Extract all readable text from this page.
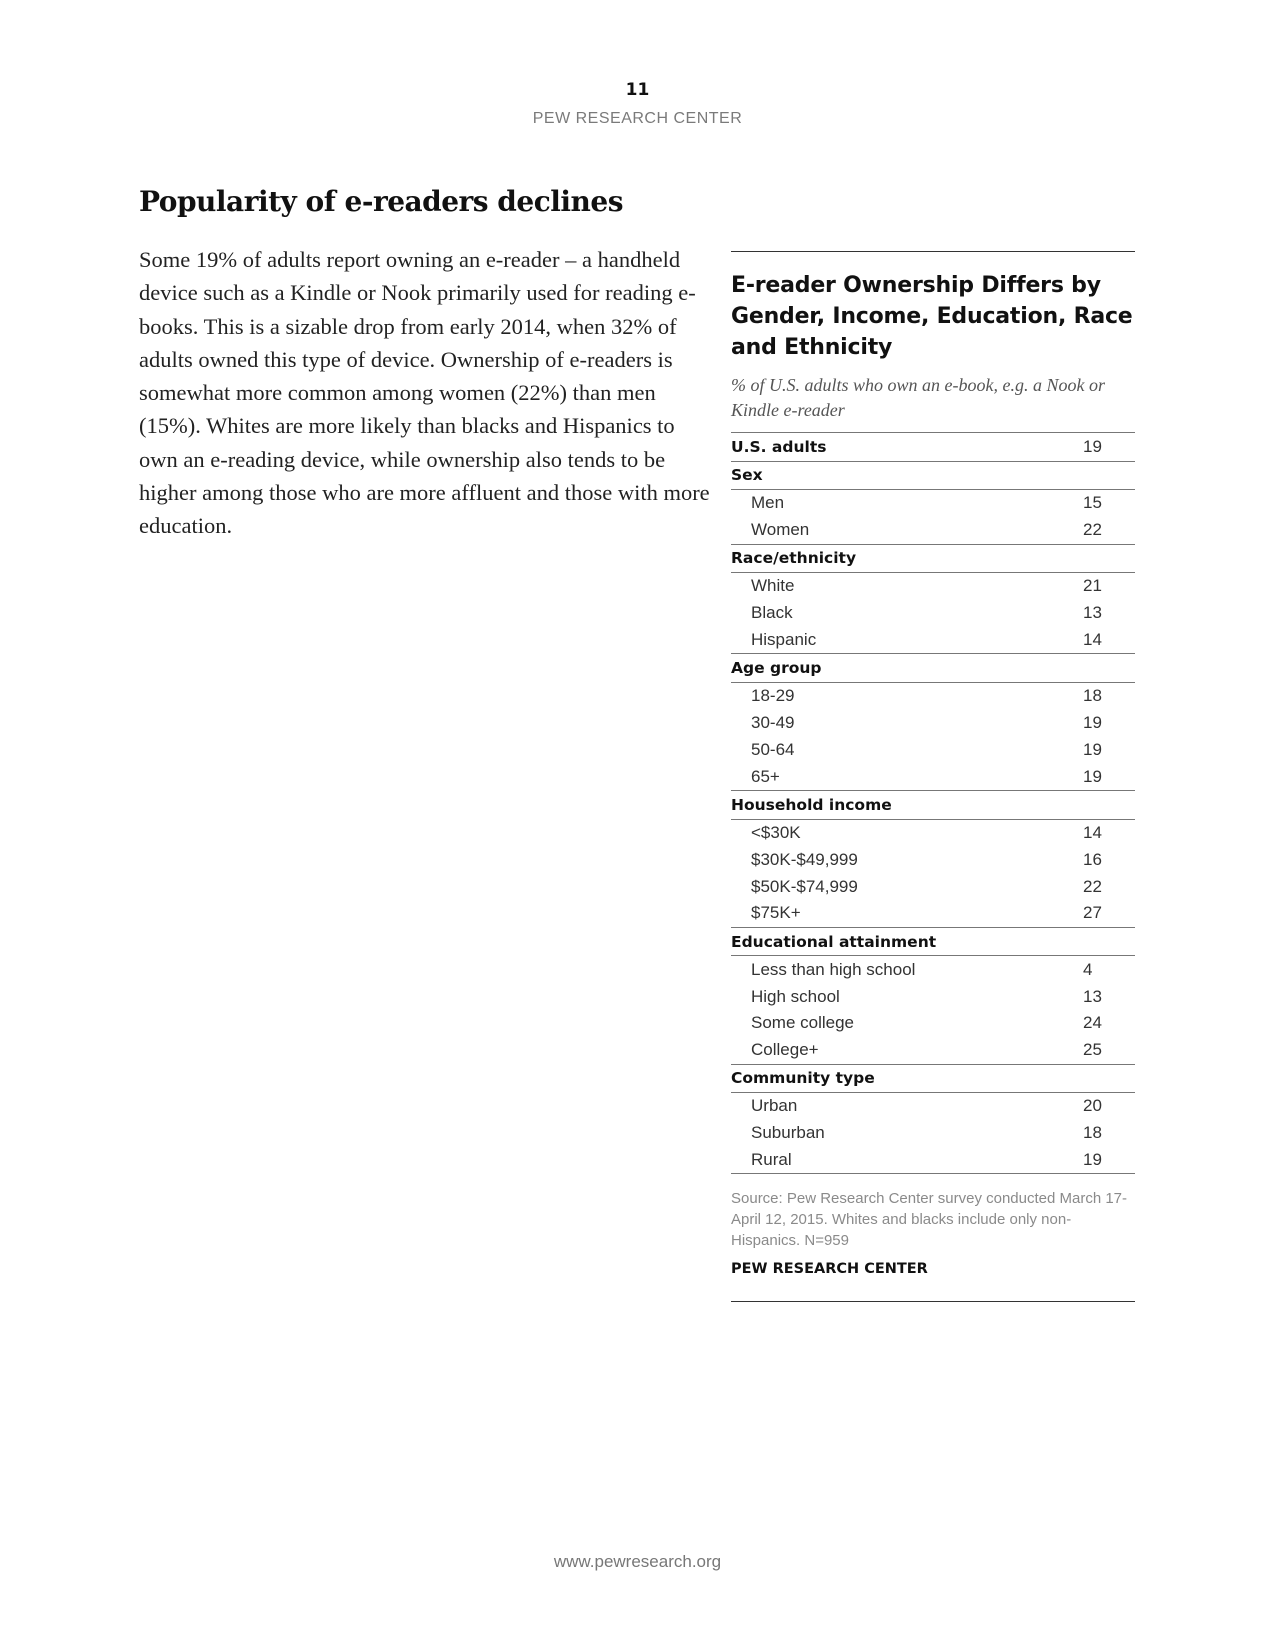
11
PEW RESEARCH CENTER
Popularity of e-readers declines

Some 19% of adults report owning an e-reader – a handheld device such as a Kindle or Nook primarily used for reading e-books. This is a sizable drop from early 2014, when 32% of adults owned this type of device. Ownership of e-readers is somewhat more common among women (22%) than men (15%). Whites are more likely than blacks and Hispanics to own an e-reading device, while ownership also tends to be higher among those who are more affluent and those with more education.

E-reader Ownership Differs by Gender, Income, Education, Race and Ethnicity

% of U.S. adults who own an e-book, e.g. a Nook or Kindle e-reader

U.S. adults	19
Sex
Men	15
Women	22
Race/ethnicity
White	21
Black	13
Hispanic	14
Age group
18-29	18
30-49	19
50-64	19
65+	19
Household income
<$30K	14
$30K-$49,999	16
$50K-$74,999	22
$75K+	27
Educational attainment
Less than high school	4
High school	13
Some college	24
College+	25
Community type
Urban	20
Suburban	18
Rural	19
Source: Pew Research Center survey conducted March 17-April 12, 2015. Whites and blacks include only non-Hispanics. N=959
PEW RESEARCH CENTER
www.pewresearch.org
